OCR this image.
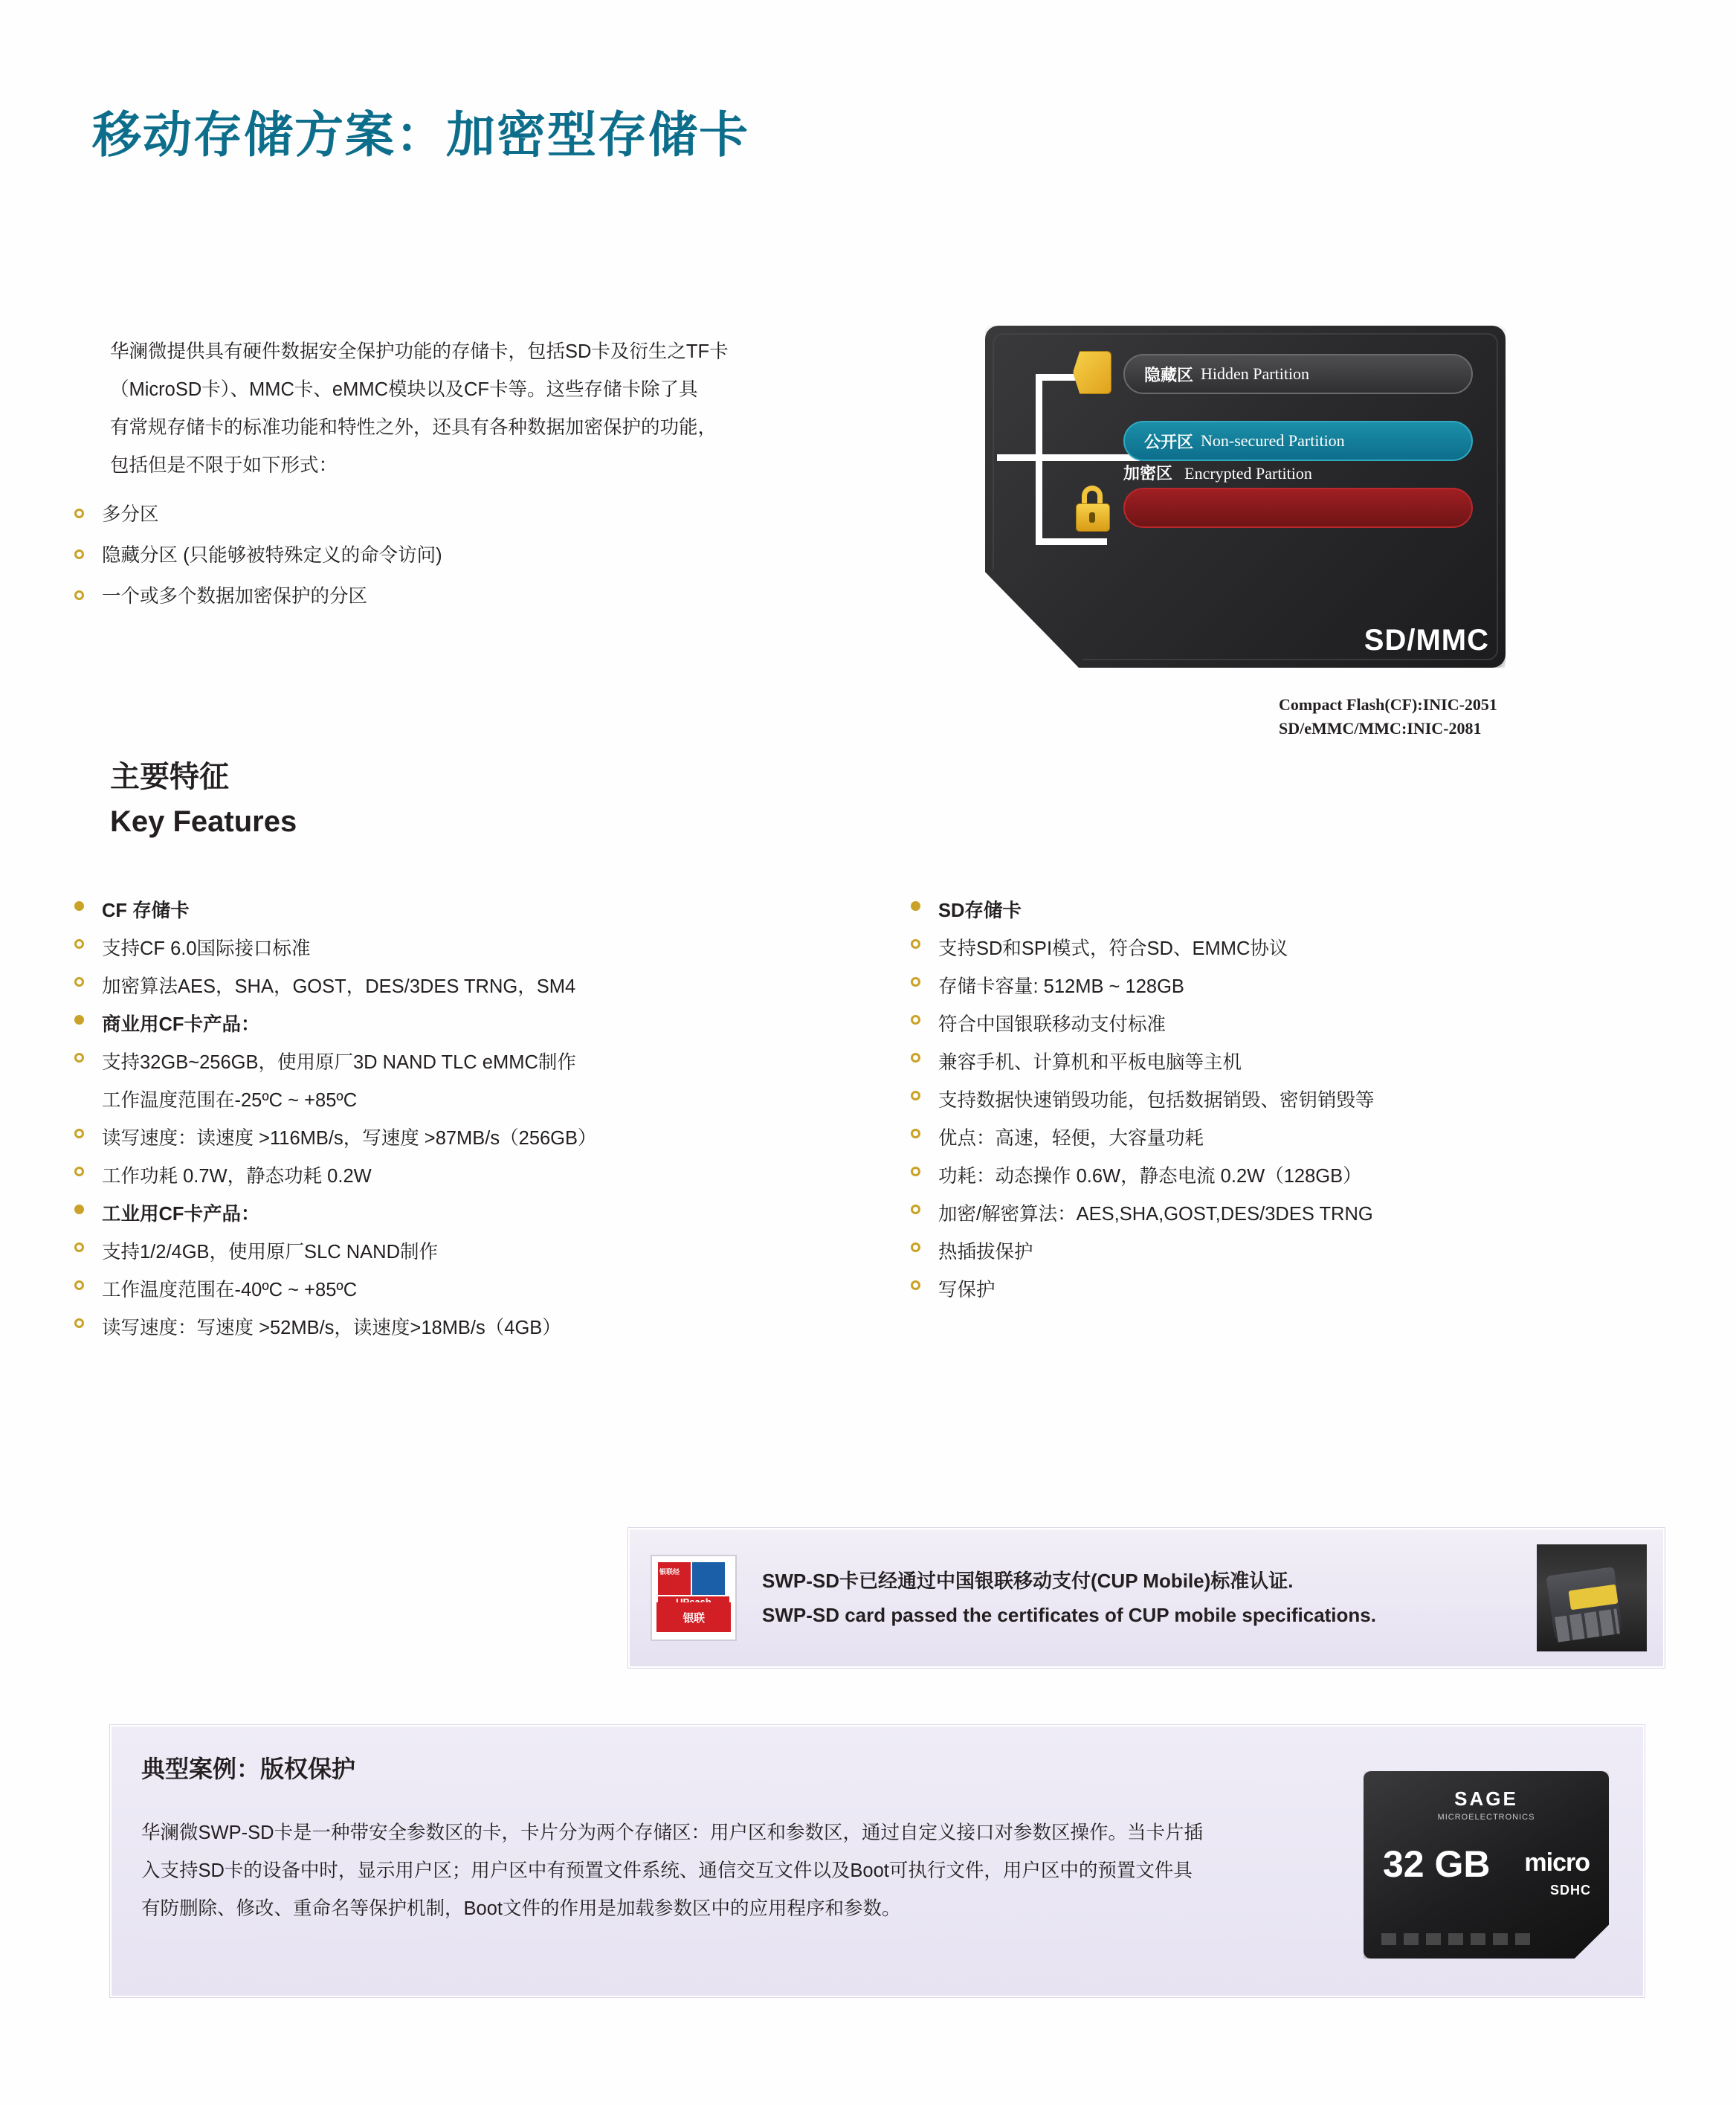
移动存储方案：加密型存储卡
华澜微提供具有硬件数据安全保护功能的存储卡，包括SD卡及衍生之TF卡
（MicroSD卡）、MMC卡、eMMC模块以及CF卡等。这些存储卡除了具
有常规存储卡的标准功能和特性之外，还具有各种数据加密保护的功能，
包括但是不限于如下形式：
多分区
隐藏分区 (只能够被特殊定义的命令访问)
一个或多个数据加密保护的分区
隐藏区 Hidden Partition
公开区 Non-secured Partition
加密区 Encrypted Partition
SD/MMC
Compact Flash(CF):INIC-2051
SD/eMMC/MMC:INIC-2081
主要特征
Key Features
CF 存储卡
支持CF 6.0国际接口标准
加密算法AES，SHA，GOST，DES/3DES TRNG，SM4
商业用CF卡产品：
支持32GB~256GB，使用原厂3D NAND TLC eMMC制作
工作温度范围在-25ºC ~ +85ºC
读写速度：读速度 >116MB/s，写速度 >87MB/s（256GB）
工作功耗 0.7W，静态功耗 0.2W
工业用CF卡产品：
支持1/2/4GB，使用原厂SLC NAND制作
工作温度范围在-40ºC ~ +85ºC
读写速度：写速度 >52MB/s，读速度>18MB/s（4GB）
SD存储卡
支持SD和SPI模式，符合SD、EMMC协议
存储卡容量: 512MB ~ 128GB
符合中国银联移动支付标准
兼容手机、计算机和平板电脑等主机
支持数据快速销毁功能，包括数据销毁、密钥销毁等
优点：高速，轻便，大容量功耗
功耗：动态操作 0.6W，静态电流 0.2W（128GB）
加密/解密算法：AES,SHA,GOST,DES/3DES TRNG
热插拔保护
写保护
银联经
银联
SWP-SD卡已经通过中国银联移动支付(CUP Mobile)标准认证.
SWP-SD card passed the certificates of CUP mobile specifications.
典型案例：版权保护
华澜微SWP-SD卡是一种带安全参数区的卡，卡片分为两个存储区：用户区和参数区，通过自定义接口对参数区操作。当卡片插
入支持SD卡的设备中时，显示用户区；用户区中有预置文件系统、通信交互文件以及Boot可执行文件，用户区中的预置文件具
有防删除、修改、重命名等保护机制，Boot文件的作用是加载参数区中的应用程序和参数。
SAGE
MICROELECTRONICS
32 GB micro
SDHC
